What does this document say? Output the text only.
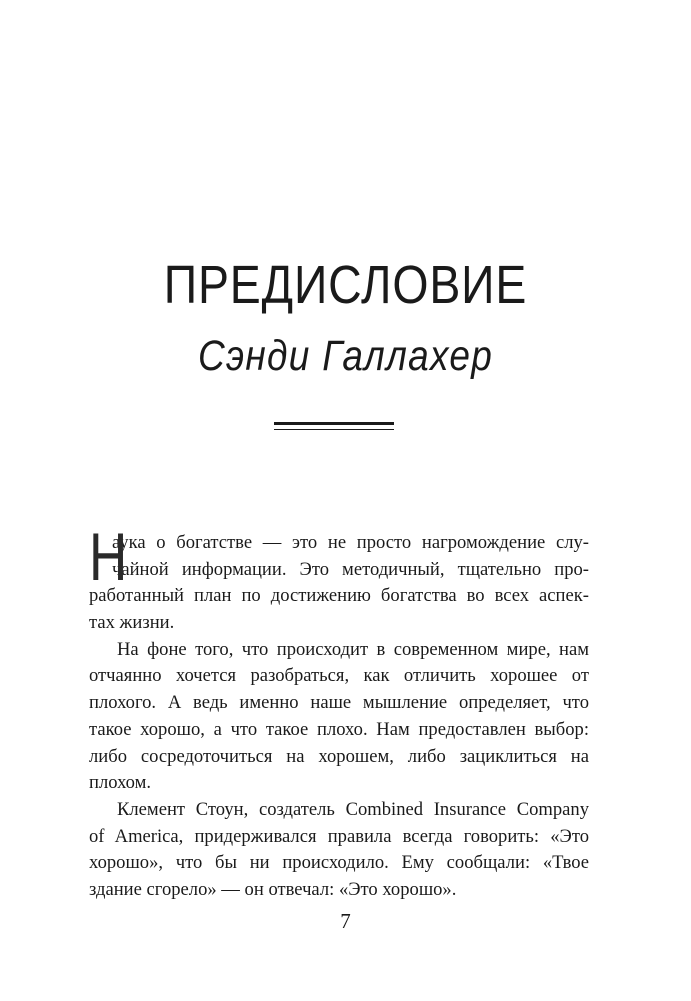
ПРЕДИСЛОВИЕ
Сэнди Галлахер
Н
аука о богатстве — это не просто нагромождение слу-
чайной информации. Это методичный, тщательно про-
работанный план по достижению богатства во всех аспек-
тах жизни.
На фоне того, что происходит в современном мире, нам
отчаянно хочется разобраться, как отличить хорошее от
плохого. А ведь именно наше мышление определяет, что
такое хорошо, а что такое плохо. Нам предоставлен выбор:
либо сосредоточиться на хорошем, либо зациклиться на
плохом.
Клемент Стоун, создатель Combined Insurance Company
of America, придерживался правила всегда говорить: «Это
хорошо», что бы ни происходило. Ему сообщали: «Твое
здание сгорело» — он отвечал: «Это хорошо».
7
